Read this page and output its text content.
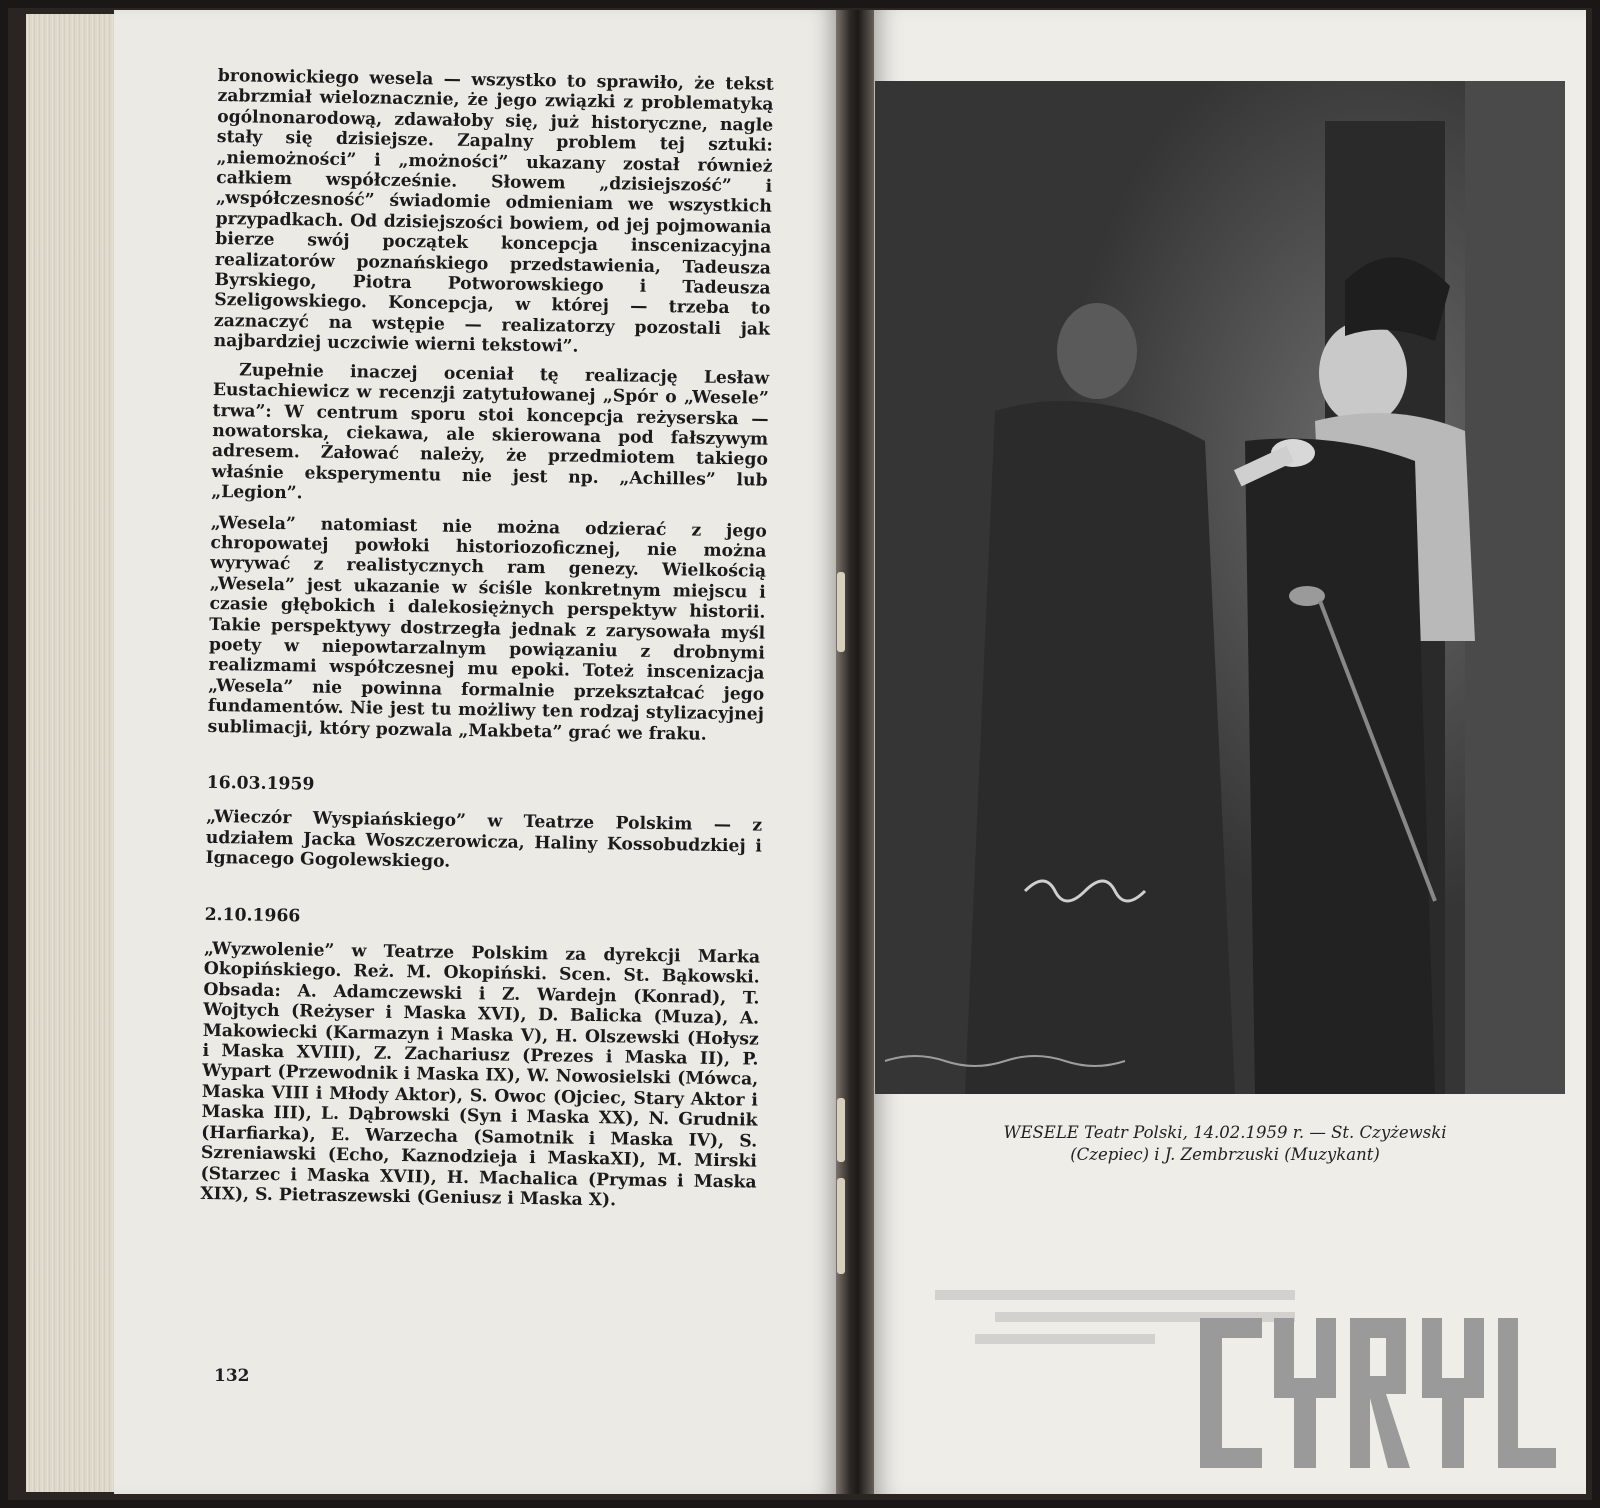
bronowickiego wesela — wszystko to sprawiło, że tekst zabrzmiał wieloznacznie, że jego związki z problematyką ogólnonarodową, zdawałoby się, już historyczne, nagle stały się dzisiejsze. Zapalny problem tej sztuki: „niemożności” i „możności” ukazany został również całkiem współcześnie. Słowem „dzisiejszość” i „współczesność” świadomie odmieniam we wszystkich przypadkach. Od dzisiejszości bowiem, od jej pojmowania bierze swój początek koncepcja inscenizacyjna realizatorów poznańskiego przedstawienia, Tadeusza Byrskiego, Piotra Potworowskiego i Tadeusza Szeligowskiego. Koncepcja, w której — trzeba to zaznaczyć na wstępie — realizatorzy pozostali jak najbardziej uczciwie wierni tekstowi”.

Zupełnie inaczej oceniał tę realizację Lesław Eustachiewicz w recenzji zatytułowanej „Spór o „Wesele” trwa”: W centrum sporu stoi koncepcja reżyserska — nowatorska, ciekawa, ale skierowana pod fałszywym adresem. Żałować należy, że przedmiotem takiego właśnie eksperymentu nie jest np. „Achilles” lub „Legion”.

„Wesela” natomiast nie można odzierać z jego chropowatej powłoki historiozoficznej, nie można wyrywać z realistycznych ram genezy. Wielkością „Wesela” jest ukazanie w ściśle konkretnym miejscu i czasie głębokich i dalekosiężnych perspektyw historii. Takie perspektywy dostrzegła jednak z zarysowała myśl poety w niepowtarzalnym powiązaniu z drobnymi realizmami współczesnej mu epoki. Toteż inscenizacja „Wesela” nie powinna formalnie przekształcać jego fundamentów. Nie jest tu możliwy ten rodzaj stylizacyjnej sublimacji, który pozwala „Makbeta” grać we fraku.

16.03.1959

„Wieczór Wyspiańskiego” w Teatrze Polskim — z udziałem Jacka Woszczerowicza, Haliny Kossobudzkiej i Ignacego Gogolewskiego.

2.10.1966

„Wyzwolenie” w Teatrze Polskim za dyrekcji Marka Okopińskiego. Reż. M. Okopiński. Scen. St. Bąkowski. Obsada: A. Adamczewski i Z. Wardejn (Konrad), T. Wojtych (Reżyser i Maska XVI), D. Balicka (Muza), A. Makowiecki (Karmazyn i Maska V), H. Olszewski (Hołysz i Maska XVIII), Z. Zachariusz (Prezes i Maska II), P. Wypart (Przewodnik i Maska IX), W. Nowosielski (Mówca, Maska VIII i Młody Aktor), S. Owoc (Ojciec, Stary Aktor i Maska III), L. Dąbrowski (Syn i Maska XX), N. Grudnik (Harfiarka), E. Warzecha (Samotnik i Maska IV), S. Szreniawski (Echo, Kaznodzieja i MaskaXI), M. Mirski (Starzec i Maska XVII), H. Machalica (Prymas i Maska XIX), S. Pietraszewski (Geniusz i Maska X).

132
WESELE Teatr Polski, 14.02.1959 r. — St. Czyżewski
(Czepiec) i J. Zembrzuski (Muzykant)
